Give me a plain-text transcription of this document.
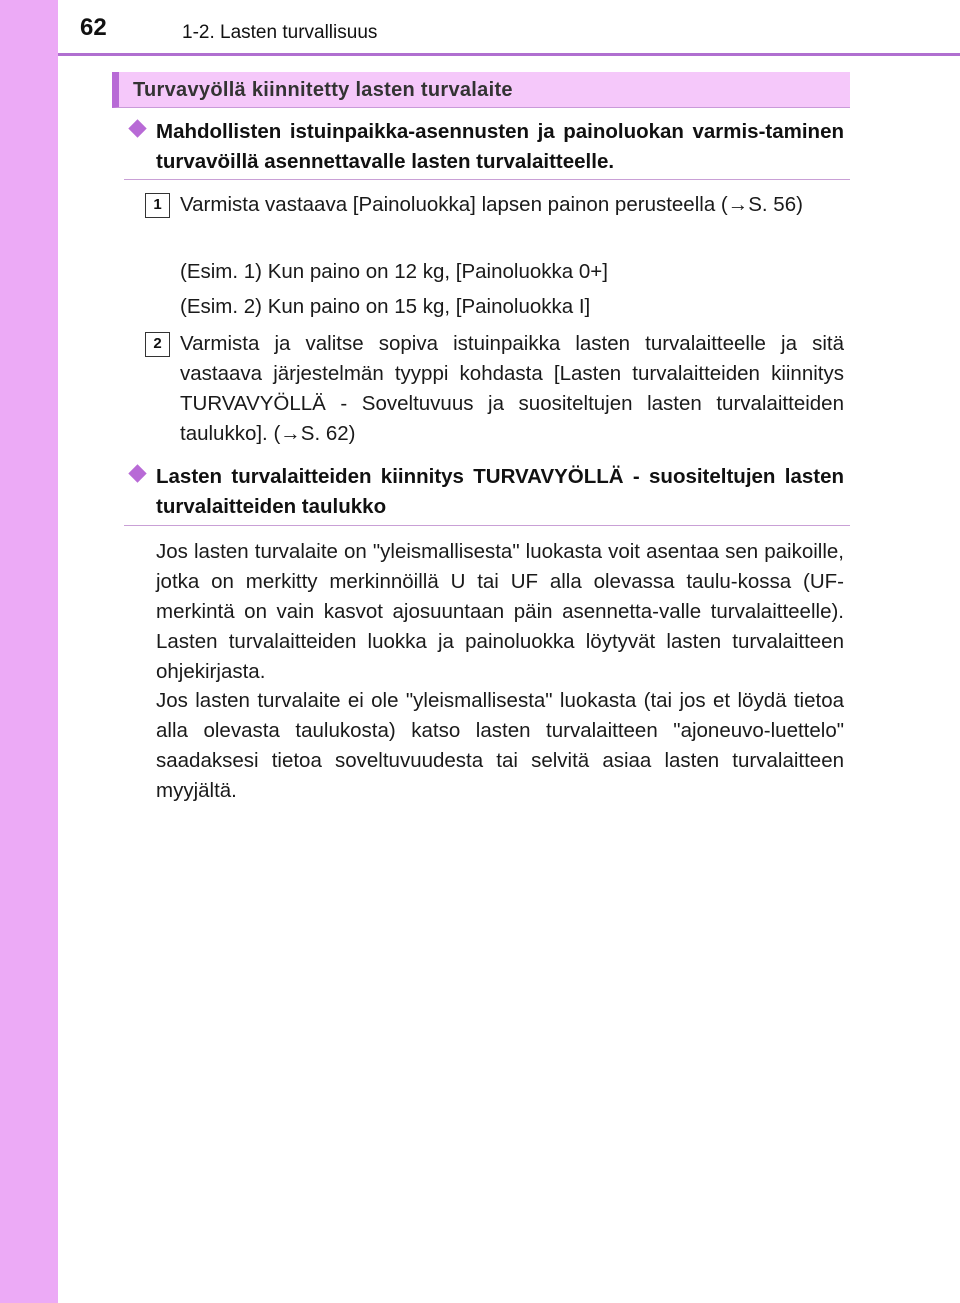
62	1-2. Lasten turvallisuus
Turvavyöllä kiinnitetty lasten turvalaite
Mahdollisten istuinpaikka-asennusten ja painoluokan varmis-taminen turvavöillä asennettavalle lasten turvalaitteelle.
1 Varmista vastaava [Painoluokka] lapsen painon perusteella (→S. 56)
(Esim. 1) Kun paino on 12 kg, [Painoluokka 0+]
(Esim. 2) Kun paino on 15 kg, [Painoluokka I]
2 Varmista ja valitse sopiva istuinpaikka lasten turvalaitteelle ja sitä vastaava järjestelmän tyyppi kohdasta [Lasten turvalaitteiden kiinnitys TURVAVYÖLLÄ - Soveltuvuus ja suositeltujen lasten turvalaitteiden taulukko]. (→S. 62)
Lasten turvalaitteiden kiinnitys TURVAVYÖLLÄ - suositeltujen lasten turvalaitteiden taulukko
Jos lasten turvalaite on "yleismallisesta" luokasta voit asentaa sen paikoille, jotka on merkitty merkinnöillä U tai UF alla olevassa taulu-kossa (UF-merkintä on vain kasvot ajosuuntaan päin asennetta-valle turvalaitteelle). Lasten turvalaitteiden luokka ja painoluokka löytyvät lasten turvalaitteen ohjekirjasta.
Jos lasten turvalaite ei ole "yleismallisesta" luokasta (tai jos et löydä tietoa alla olevasta taulukosta) katso lasten turvalaitteen "ajoneuvo-luettelo" saadaksesi tietoa soveltuvuudesta tai selvitä asiaa lasten turvalaitteen myyjältä.
